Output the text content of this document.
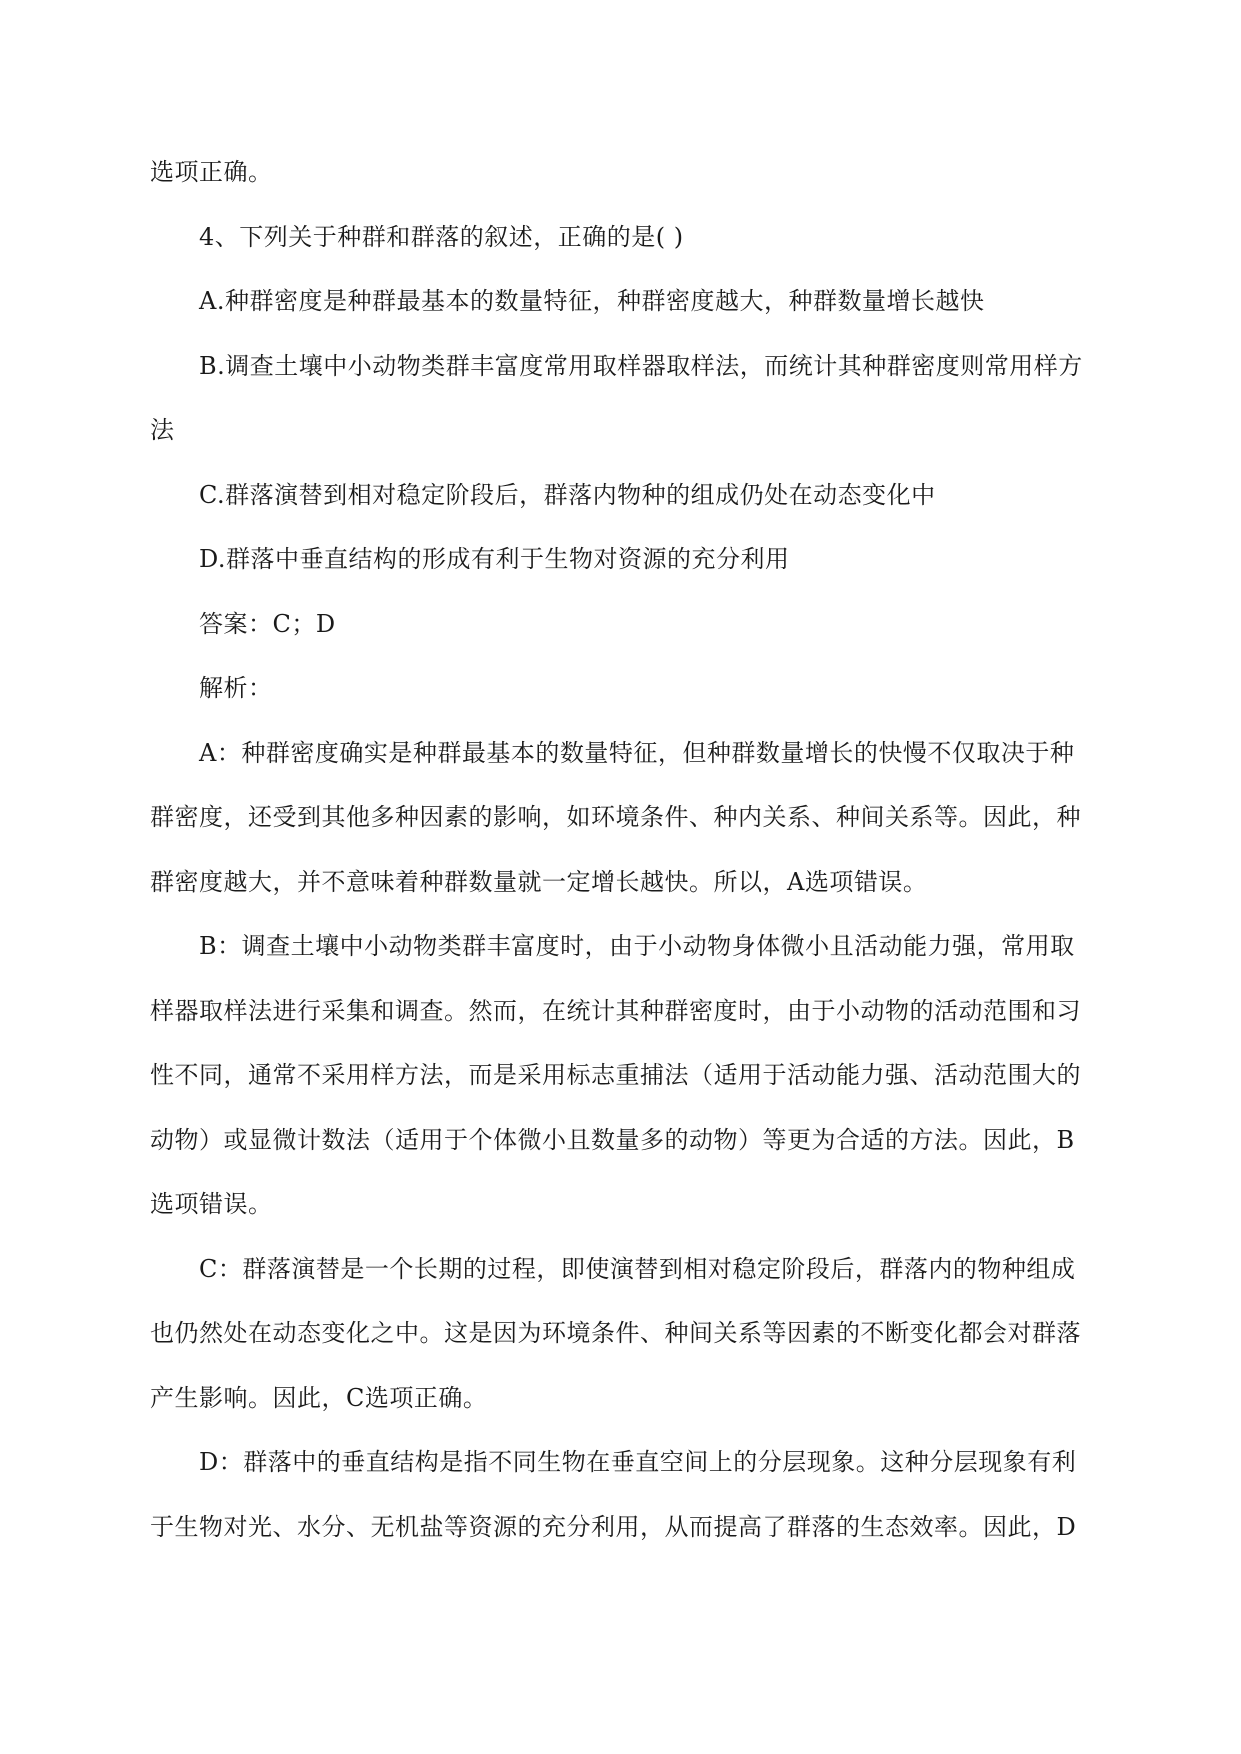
选项正确。

4、下列关于种群和群落的叙述，正确的是( )

A.种群密度是种群最基本的数量特征，种群密度越大，种群数量增长越快

B.调查土壤中小动物类群丰富度常用取样器取样法，而统计其种群密度则常用样方法

C.群落演替到相对稳定阶段后，群落内物种的组成仍处在动态变化中

D.群落中垂直结构的形成有利于生物对资源的充分利用

答案：C；D

解析：

A：种群密度确实是种群最基本的数量特征，但种群数量增长的快慢不仅取决于种群密度，还受到其他多种因素的影响，如环境条件、种内关系、种间关系等。因此，种群密度越大，并不意味着种群数量就一定增长越快。所以，A选项错误。

B：调查土壤中小动物类群丰富度时，由于小动物身体微小且活动能力强，常用取样器取样法进行采集和调查。然而，在统计其种群密度时，由于小动物的活动范围和习性不同，通常不采用样方法，而是采用标志重捕法（适用于活动能力强、活动范围大的动物）或显微计数法（适用于个体微小且数量多的动物）等更为合适的方法。因此，B选项错误。

C：群落演替是一个长期的过程，即使演替到相对稳定阶段后，群落内的物种组成也仍然处在动态变化之中。这是因为环境条件、种间关系等因素的不断变化都会对群落产生影响。因此，C选项正确。

D：群落中的垂直结构是指不同生物在垂直空间上的分层现象。这种分层现象有利于生物对光、水分、无机盐等资源的充分利用，从而提高了群落的生态效率。因此，D
